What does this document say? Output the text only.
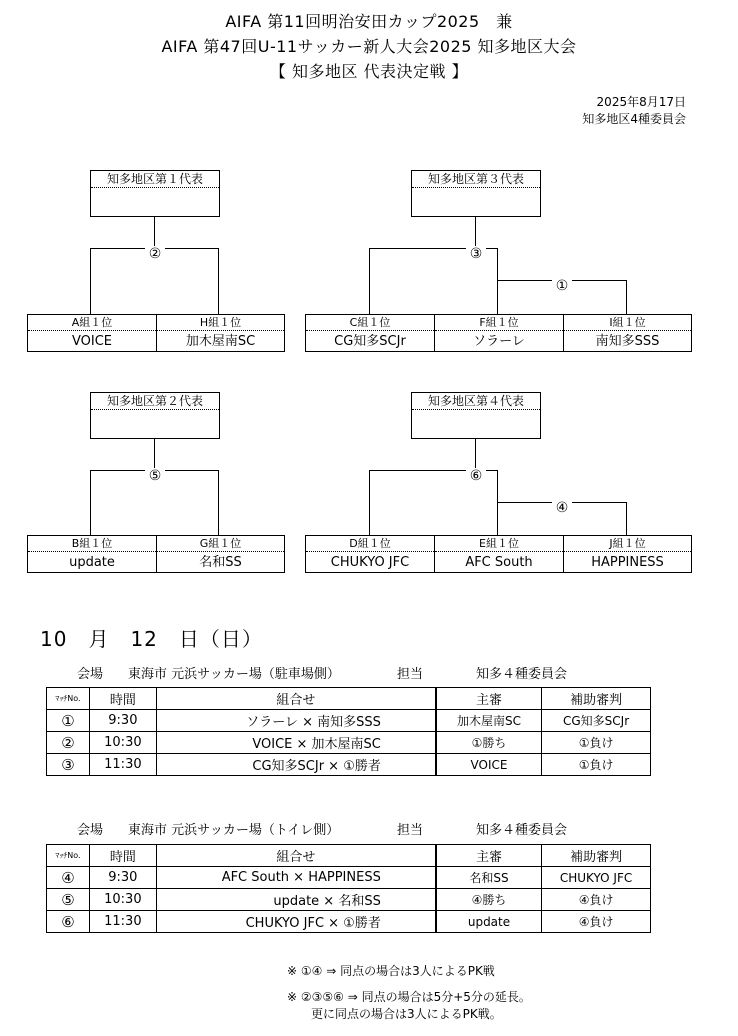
AIFA 第11回明治安田カップ2025　兼
AIFA 第47回U-11サッカー新人大会2025 知多地区大会
【 知多地区 代表決定戦 】
2025年8月17日
知多地区4種委員会
知多地区第１代表
②
A組１位
VOICE
H組１位
加木屋南SC
知多地区第３代表
③
①
C組１位
CG知多SCJr
F組１位
ソラーレ
I組１位
南知多SSS
知多地区第２代表
⑤
B組１位
update
G組１位
名和SS
知多地区第４代表
⑥
④
D組１位
CHUKYO JFC
E組１位
AFC South
J組１位
HAPPINESS
10　月　12　日（日）
会場 東海市 元浜サッカー場（駐車場側）	担当	知多４種委員会
ﾏｯﾁNo.	時間	組合せ	主審	補助審判
①	9:30	ソラーレ × 南知多SSS	加木屋南SC	CG知多SCJr
②	10:30	VOICE × 加木屋南SC	①勝ち	①負け
③	11:30	CG知多SCJr × ①勝者	VOICE	①負け
会場 東海市 元浜サッカー場（トイレ側）	担当	知多４種委員会
ﾏｯﾁNo.	時間	組合せ	主審	補助審判
④	9:30	AFC South × HAPPINESS	名和SS	CHUKYO JFC
⑤	10:30	update × 名和SS	④勝ち	④負け
⑥	11:30	CHUKYO JFC × ①勝者	update	④負け
※ ①④ ⇒ 同点の場合は3人によるPK戦
※ ②③⑤⑥ ⇒ 同点の場合は5分+5分の延長。
更に同点の場合は3人によるPK戦。
